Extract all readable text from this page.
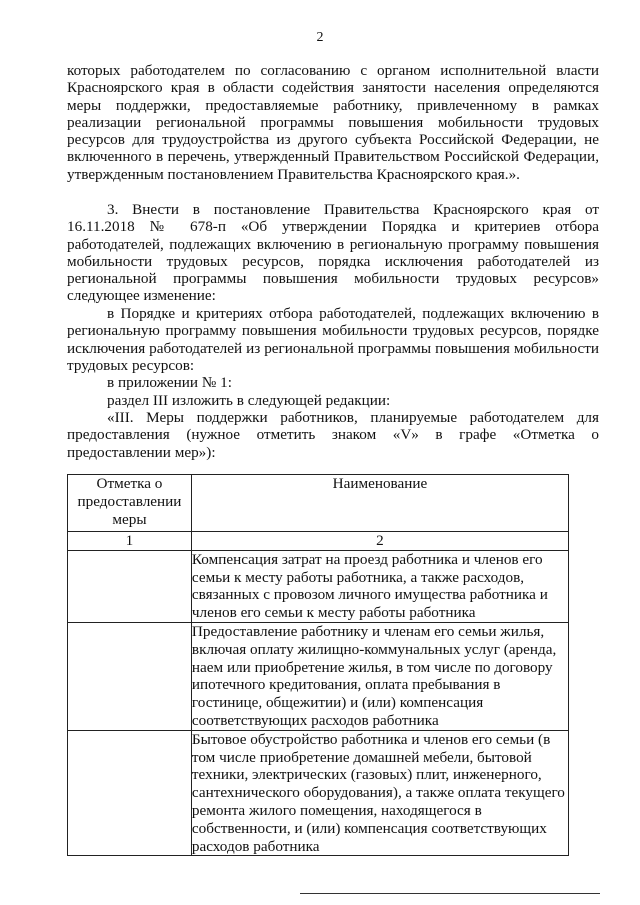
2
которых работодателем по согласованию с органом исполнительной власти Красноярского края в области содействия занятости населения определяются меры поддержки, предоставляемые работнику, привлеченному в рамках реализации региональной программы повышения мобильности трудовых ресурсов для трудоустройства из другого субъекта Российской Федерации, не включенного в перечень, утвержденный Правительством Российской Федерации, утвержденным постановлением Правительства Красноярского края.».
3. Внести в постановление Правительства Красноярского края от 16.11.2018 № 678-п «Об утверждении Порядка и критериев отбора работодателей, подлежащих включению в региональную программу повышения мобильности трудовых ресурсов, порядка исключения работодателей из региональной программы повышения мобильности трудовых ресурсов» следующее изменение:
в Порядке и критериях отбора работодателей, подлежащих включению в региональную программу повышения мобильности трудовых ресурсов, порядке исключения работодателей из региональной программы повышения мобильности трудовых ресурсов:
в приложении № 1:
раздел III изложить в следующей редакции:
«III. Меры поддержки работников, планируемые работодателем для предоставления (нужное отметить знаком «V» в графе «Отметка о предоставлении мер»):
Отметка о предоставлении меры	Наименование
1	2
	Компенсация затрат на проезд работника и членов его семьи к месту работы работника, а также расходов, связанных с провозом личного имущества работника и членов его семьи к месту работы работника
	Предоставление работнику и членам его семьи жилья, включая оплату жилищно-коммунальных услуг (аренда, наем или приобретение жилья, в том числе по договору ипотечного кредитования, оплата пребывания в гостинице, общежитии) и (или) компенсация соответствующих расходов работника
	Бытовое обустройство работника и членов его семьи (в том числе приобретение домашней мебели, бытовой техники, электрических (газовых) плит, инженерного, сантехнического оборудования), а также оплата текущего ремонта жилого помещения, находящегося в собственности, и (или) компенсация соответствующих расходов работника
